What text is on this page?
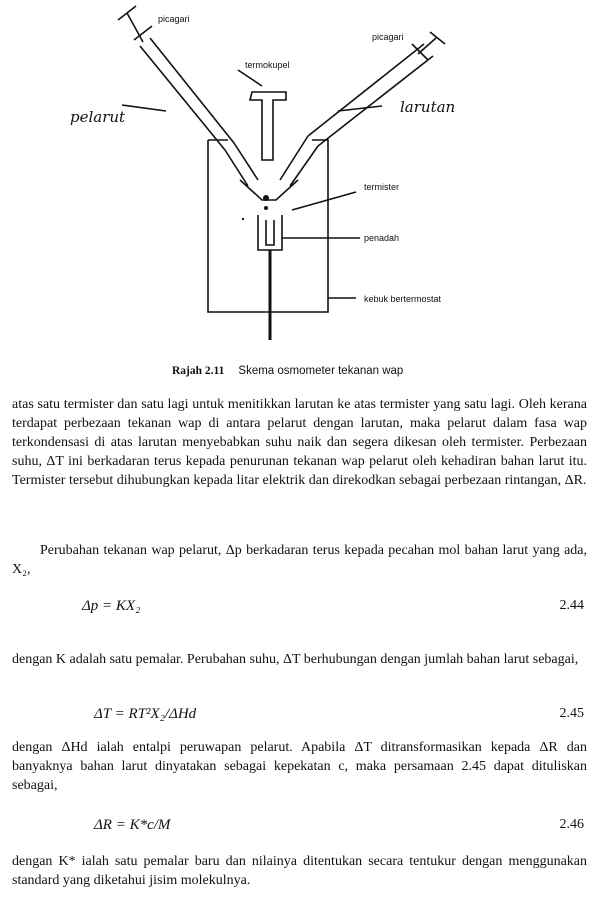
picagari
picagari
termokupel
pelarut
larutan
termister
penadah
kebuk bertermostat
Rajah 2.11 Skema osmometer tekanan wap
atas satu termister dan satu lagi untuk menitikkan larutan ke atas termister yang satu lagi. Oleh kerana terdapat perbezaan tekanan wap di antara pelarut dengan larutan, maka pelarut dalam fasa wap terkondensasi di atas larutan menyebabkan suhu naik dan segera dikesan oleh termister. Perbezaan suhu, ΔT ini berkadaran terus kepada penurunan tekanan wap pelarut oleh kehadiran bahan larut itu. Termister tersebut dihubungkan kepada litar elektrik dan direkodkan sebagai perbezaan rintangan, ΔR.
Perubahan tekanan wap pelarut, Δp berkadaran terus kepada pecahan mol bahan larut yang ada, X₂,
Δp = KX₂	2.44
dengan K adalah satu pemalar. Perubahan suhu, ΔT berhubungan dengan jumlah bahan larut sebagai,
ΔT = RT²X₂/ΔHd	2.45
dengan ΔHd ialah entalpi peruwapan pelarut. Apabila ΔT ditransformasikan kepada ΔR dan banyaknya bahan larut dinyatakan sebagai kepekatan c, maka persamaan 2.45 dapat dituliskan sebagai,
ΔR = K*c/M	2.46
dengan K* ialah satu pemalar baru dan nilainya ditentukan secara tentukur dengan menggunakan standard yang diketahui jisim molekulnya.
